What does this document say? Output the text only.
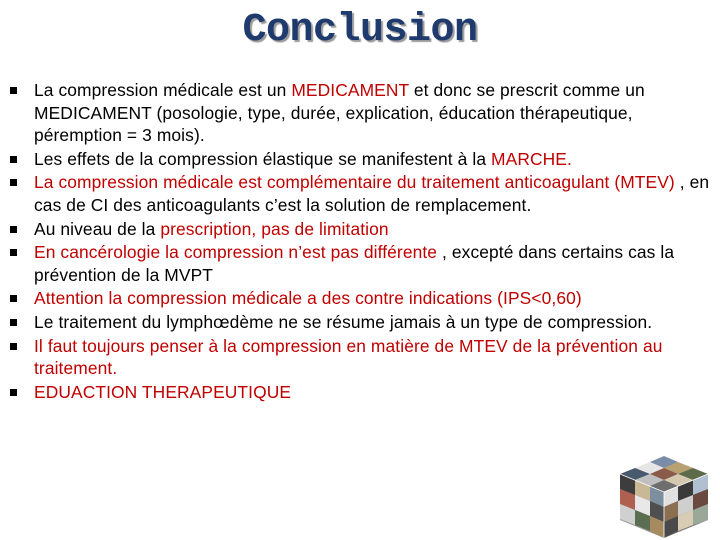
Conclusion
La compression médicale est un MEDICAMENT et donc se prescrit comme un MEDICAMENT (posologie, type, durée, explication, éducation thérapeutique, péremption = 3 mois).
Les effets de la compression élastique se manifestent à la MARCHE.
La compression médicale est complémentaire du traitement anticoagulant (MTEV) , en cas de CI des anticoagulants c’est la solution de remplacement.
Au niveau de la prescription, pas de limitation
En cancérologie la compression n’est pas différente , excepté dans certains cas la prévention de la MVPT
Attention la compression médicale a des contre indications (IPS<0,60)
Le traitement du lymphœdème ne se résume jamais à un type de compression.
Il faut toujours penser à la compression en matière de MTEV de la prévention au traitement.
EDUACTION THERAPEUTIQUE
